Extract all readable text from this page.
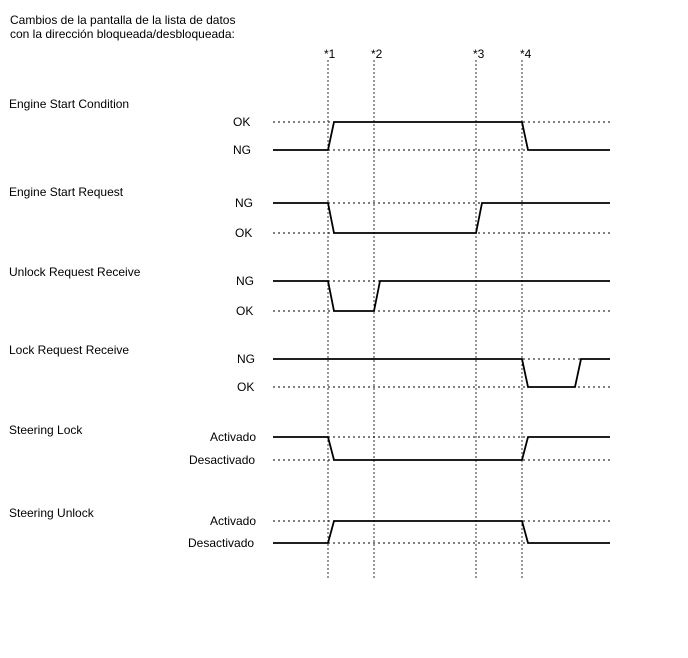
Cambios de la pantalla de la lista de datos
con la dirección bloqueada/desbloqueada:
*1	*2	*3	*4
Engine Start Condition
OK
NG
Engine Start Request
NG
OK
Unlock Request Receive
NG
OK
Lock Request Receive
NG
OK
Steering Lock	Activado
Desactivado
Steering Unlock
Activado
Desactivado
